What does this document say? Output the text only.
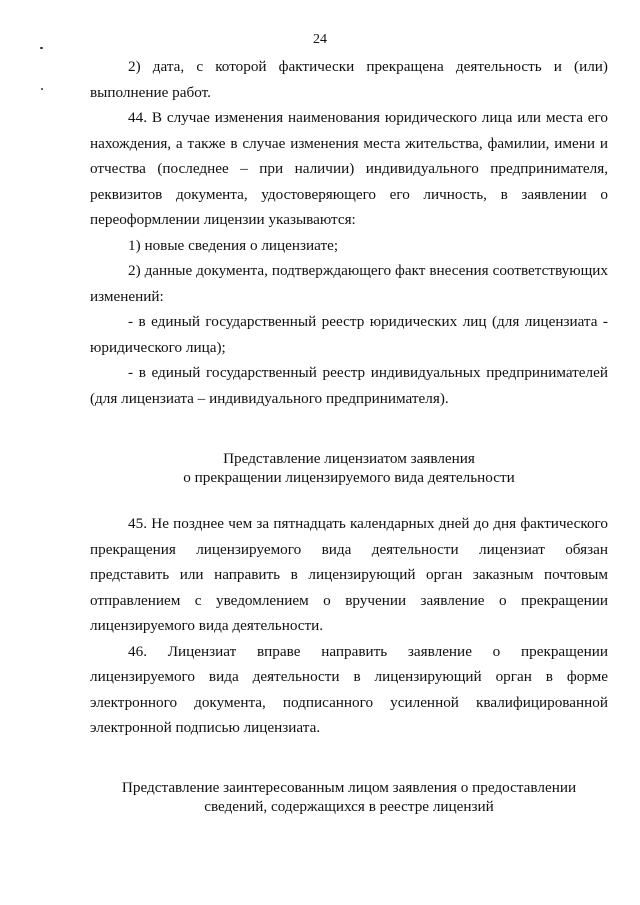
24

2) дата, с которой фактически прекращена деятельность и (или) выполнение работ.

44. В случае изменения наименования юридического лица или места его нахождения, а также в случае изменения места жительства, фамилии, имени и отчества (последнее – при наличии) индивидуального предпринимателя, реквизитов документа, удостоверяющего его личность, в заявлении о переоформлении лицензии указываются:

1) новые сведения о лицензиате;

2) данные документа, подтверждающего факт внесения соответствующих изменений:

- в единый государственный реестр юридических лиц (для лицензиата - юридического лица);

- в единый государственный реестр индивидуальных предпринимателей (для лицензиата – индивидуального предпринимателя).

Представление лицензиатом заявления
о прекращении лицензируемого вида деятельности

45. Не позднее чем за пятнадцать календарных дней до дня фактического прекращения лицензируемого вида деятельности лицензиат обязан представить или направить в лицензирующий орган заказным почтовым отправлением с уведомлением о вручении заявление о прекращении лицензируемого вида деятельности.

46. Лицензиат вправе направить заявление о прекращении лицензируемого вида деятельности в лицензирующий орган в форме электронного документа, подписанного усиленной квалифицированной электронной подписью лицензиата.

Представление заинтересованным лицом заявления о предоставлении
сведений, содержащихся в реестре лицензий
